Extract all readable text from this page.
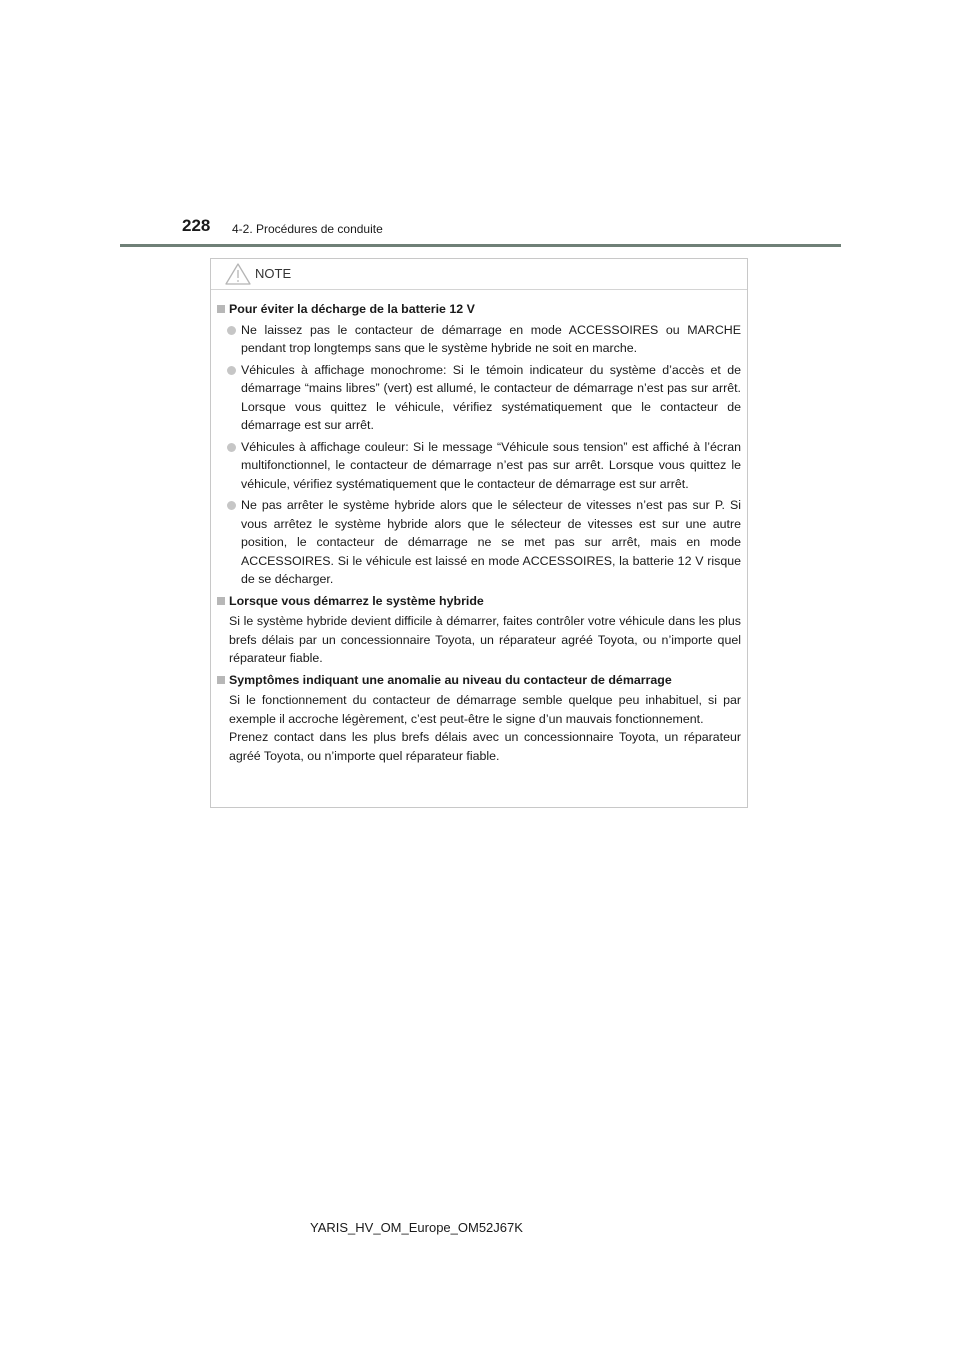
228 4-2. Procédures de conduite
NOTE
Pour éviter la décharge de la batterie 12 V
Ne laissez pas le contacteur de démarrage en mode ACCESSOIRES ou MARCHE pendant trop longtemps sans que le système hybride ne soit en marche.
Véhicules à affichage monochrome: Si le témoin indicateur du système d’accès et de démarrage “mains libres” (vert) est allumé, le contacteur de démarrage n’est pas sur arrêt. Lorsque vous quittez le véhicule, vérifiez systématiquement que le contacteur de démarrage est sur arrêt.
Véhicules à affichage couleur: Si le message “Véhicule sous tension” est affiché à l’écran multifonctionnel, le contacteur de démarrage n’est pas sur arrêt. Lorsque vous quittez le véhicule, vérifiez systématiquement que le contacteur de démarrage est sur arrêt.
Ne pas arrêter le système hybride alors que le sélecteur de vitesses n’est pas sur P. Si vous arrêtez le système hybride alors que le sélecteur de vitesses est sur une autre position, le contacteur de démarrage ne se met pas sur arrêt, mais en mode ACCESSOIRES. Si le véhicule est laissé en mode ACCESSOIRES, la batterie 12 V risque de se décharger.
Lorsque vous démarrez le système hybride
Si le système hybride devient difficile à démarrer, faites contrôler votre véhicule dans les plus brefs délais par un concessionnaire Toyota, un réparateur agréé Toyota, ou n’importe quel réparateur fiable.
Symptômes indiquant une anomalie au niveau du contacteur de démarrage
Si le fonctionnement du contacteur de démarrage semble quelque peu inhabituel, si par exemple il accroche légèrement, c’est peut-être le signe d’un mauvais fonctionnement.
Prenez contact dans les plus brefs délais avec un concessionnaire Toyota, un réparateur agréé Toyota, ou n’importe quel réparateur fiable.
YARIS_HV_OM_Europe_OM52J67K
